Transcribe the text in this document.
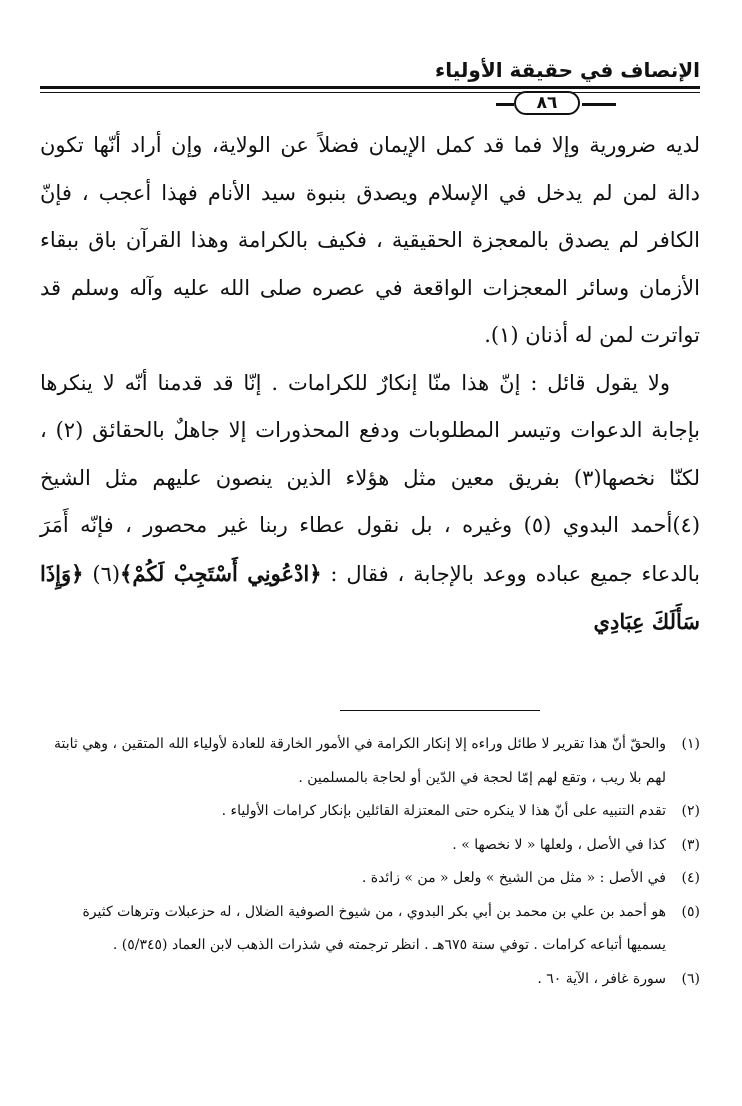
الإنصاف في حقيقة الأولياء
٨٦

لديه ضرورية وإلا فما قد كمل الإيمان فضلاً عن الولاية، وإن أراد أنّها تكون دالة لمن لم يدخل في الإسلام ويصدق بنبوة سيد الأنام فهذا أعجب ، فإنّ الكافر لم يصدق بالمعجزة الحقيقية ، فكيف بالكرامة وهذا القرآن باق ببقاء الأزمان وسائر المعجزات الواقعة في عصره صلى الله عليه وآله وسلم قد تواترت لمن له أذنان (١).

ولا يقول قائل : إنّ هذا منّا إنكارٌ للكرامات . إنّا قد قدمنا أنّه لا ينكرها بإجابة الدعوات وتيسر المطلوبات ودفع المحذورات إلا جاهلٌ بالحقائق (٢) ، لكنّا نخصها(٣) بفريق معين مثل هؤلاء الذين ينصون عليهم مثل الشيخ (٤)أحمد البدوي (٥) وغيره ، بل نقول عطاء ربنا غير محصور ، فإنّه أَمَرَ بالدعاء جميع عباده ووعد بالإجابة ، فقال : ﴿ادْعُونِي أَسْتَجِبْ لَكُمْ﴾(٦) ﴿وَإِذَا سَأَلَكَ عِبَادِي

(١)
والحقّ أنّ هذا تقرير لا طائل وراءه إلا إنكار الكرامة في الأمور الخارقة للعادة لأولياء الله المتقين ، وهي ثابتة لهم بلا ريب ، وتقع لهم إمّا لحجة في الدّين أو لحاجة بالمسلمين .

(٢)
تقدم التنبيه على أنّ هذا لا ينكره حتى المعتزلة القائلين بإنكار كرامات الأولياء .

(٣)
كذا في الأصل ، ولعلها « لا نخصها » .

(٤)
في الأصل : « مثل من الشيخ » ولعل « من » زائدة .

(٥)
هو أحمد بن علي بن محمد بن أبي بكر البدوي ، من شيوخ الصوفية الضلال ، له حزعبلات وترهات كثيرة يسميها أتباعه كرامات . توفي سنة ٦٧٥هـ . انظر ترجمته في شذرات الذهب لابن العماد (٥/٣٤٥) .

(٦)
سورة غافر ، الآية ٦٠ .
